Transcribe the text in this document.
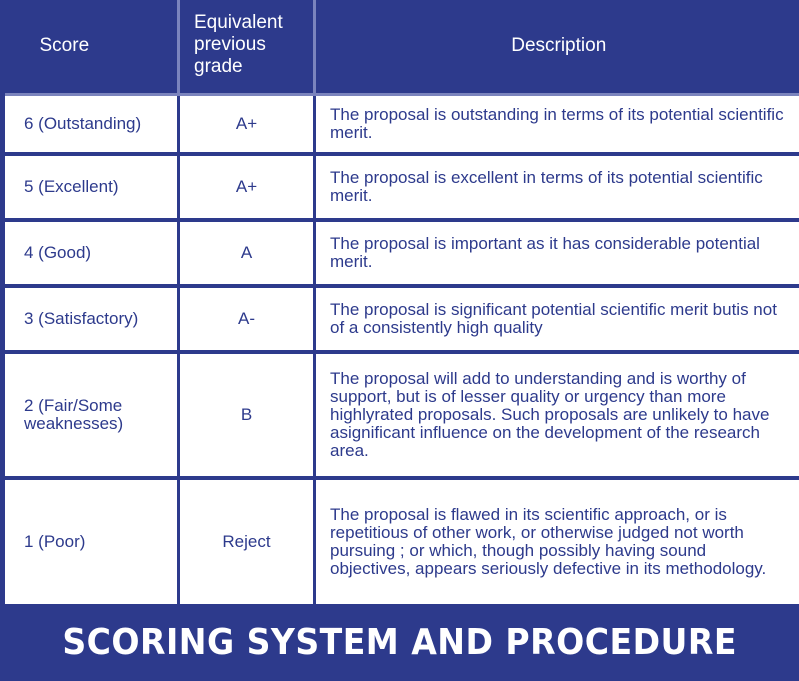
Score	Equivalent previous grade	Description
6 (Outstanding)	A+	The proposal is outstanding in terms of its potential scientific merit.
5 (Excellent)	A+	The proposal is excellent in terms of its potential scientific merit.
4 (Good)	A	The proposal is important as it has considerable potential merit.
3 (Satisfactory)	A-	The proposal is significant potential scientific merit butis not of a consistently high quality
2 (Fair/Some weaknesses)	B	The proposal will add to understanding and is worthy of support, but is of lesser quality or urgency than more highlyrated proposals. Such proposals are unlikely to have asignificant influence on the development of the research area.
1 (Poor)	Reject	The proposal is flawed in its scientific approach, or is repetitious of other work, or otherwise judged not worth pursuing ; or which, though possibly having sound objectives, appears seriously defective in its methodology.
SCORING SYSTEM AND PROCEDURE
